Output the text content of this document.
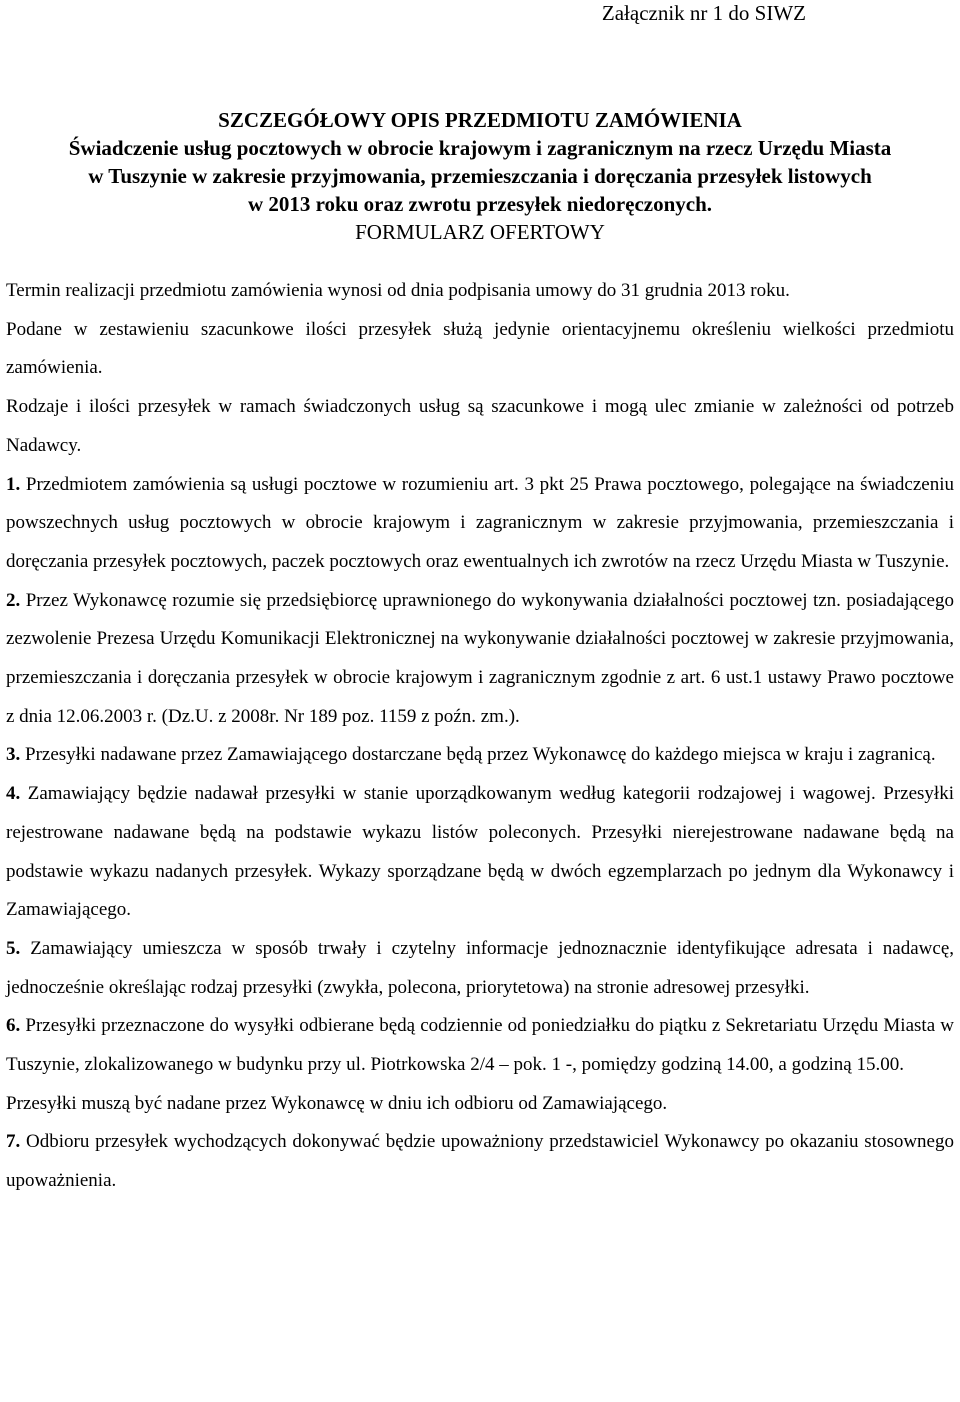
Załącznik nr 1 do SIWZ

SZCZEGÓŁOWY OPIS PRZEDMIOTU ZAMÓWIENIA
Świadczenie usług pocztowych w obrocie krajowym i zagranicznym na rzecz Urzędu Miasta
w Tuszynie w zakresie przyjmowania, przemieszczania i doręczania przesyłek listowych
w 2013 roku oraz zwrotu przesyłek niedoręczonych.
FORMULARZ OFERTOWY

Termin realizacji przedmiotu zamówienia wynosi od dnia podpisania umowy do 31 grudnia 2013 roku.

Podane w zestawieniu szacunkowe ilości przesyłek służą jedynie orientacyjnemu określeniu wielkości przedmiotu zamówienia.

Rodzaje i ilości przesyłek w ramach świadczonych usług są szacunkowe i mogą ulec zmianie w zależności od potrzeb Nadawcy.

1. Przedmiotem zamówienia są usługi pocztowe w rozumieniu art. 3 pkt 25 Prawa pocztowego, polegające na świadczeniu powszechnych usług pocztowych w obrocie krajowym i zagranicznym w zakresie przyjmowania, przemieszczania i doręczania przesyłek pocztowych, paczek pocztowych oraz ewentualnych ich zwrotów na rzecz Urzędu Miasta w Tuszynie.

2. Przez Wykonawcę rozumie się przedsiębiorcę uprawnionego do wykonywania działalności pocztowej tzn. posiadającego zezwolenie Prezesa Urzędu Komunikacji Elektronicznej na wykonywanie działalności pocztowej w zakresie przyjmowania, przemieszczania i doręczania przesyłek w obrocie krajowym i zagranicznym zgodnie z art. 6 ust.1 ustawy Prawo pocztowe z dnia 12.06.2003 r. (Dz.U. z 2008r. Nr 189 poz. 1159 z poźn. zm.).

3. Przesyłki nadawane przez Zamawiającego dostarczane będą przez Wykonawcę do każdego miejsca w kraju i zagranicą.

4. Zamawiający będzie nadawał przesyłki w stanie uporządkowanym według kategorii rodzajowej i wagowej. Przesyłki rejestrowane nadawane będą na podstawie wykazu listów poleconych. Przesyłki nierejestrowane nadawane będą na podstawie wykazu nadanych przesyłek. Wykazy sporządzane będą w dwóch egzemplarzach po jednym dla Wykonawcy i Zamawiającego.

5. Zamawiający umieszcza w sposób trwały i czytelny informacje jednoznacznie identyfikujące adresata i nadawcę, jednocześnie określając rodzaj przesyłki (zwykła, polecona, priorytetowa) na stronie adresowej przesyłki.

6. Przesyłki przeznaczone do wysyłki odbierane będą codziennie od poniedziałku do piątku z Sekretariatu Urzędu Miasta w Tuszynie, zlokalizowanego w budynku przy ul. Piotrkowska 2/4 – pok. 1 -, pomiędzy godziną 14.00, a godziną 15.00.

Przesyłki muszą być nadane przez Wykonawcę w dniu ich odbioru od Zamawiającego.

7. Odbioru przesyłek wychodzących dokonywać będzie upoważniony przedstawiciel Wykonawcy po okazaniu stosownego upoważnienia.
